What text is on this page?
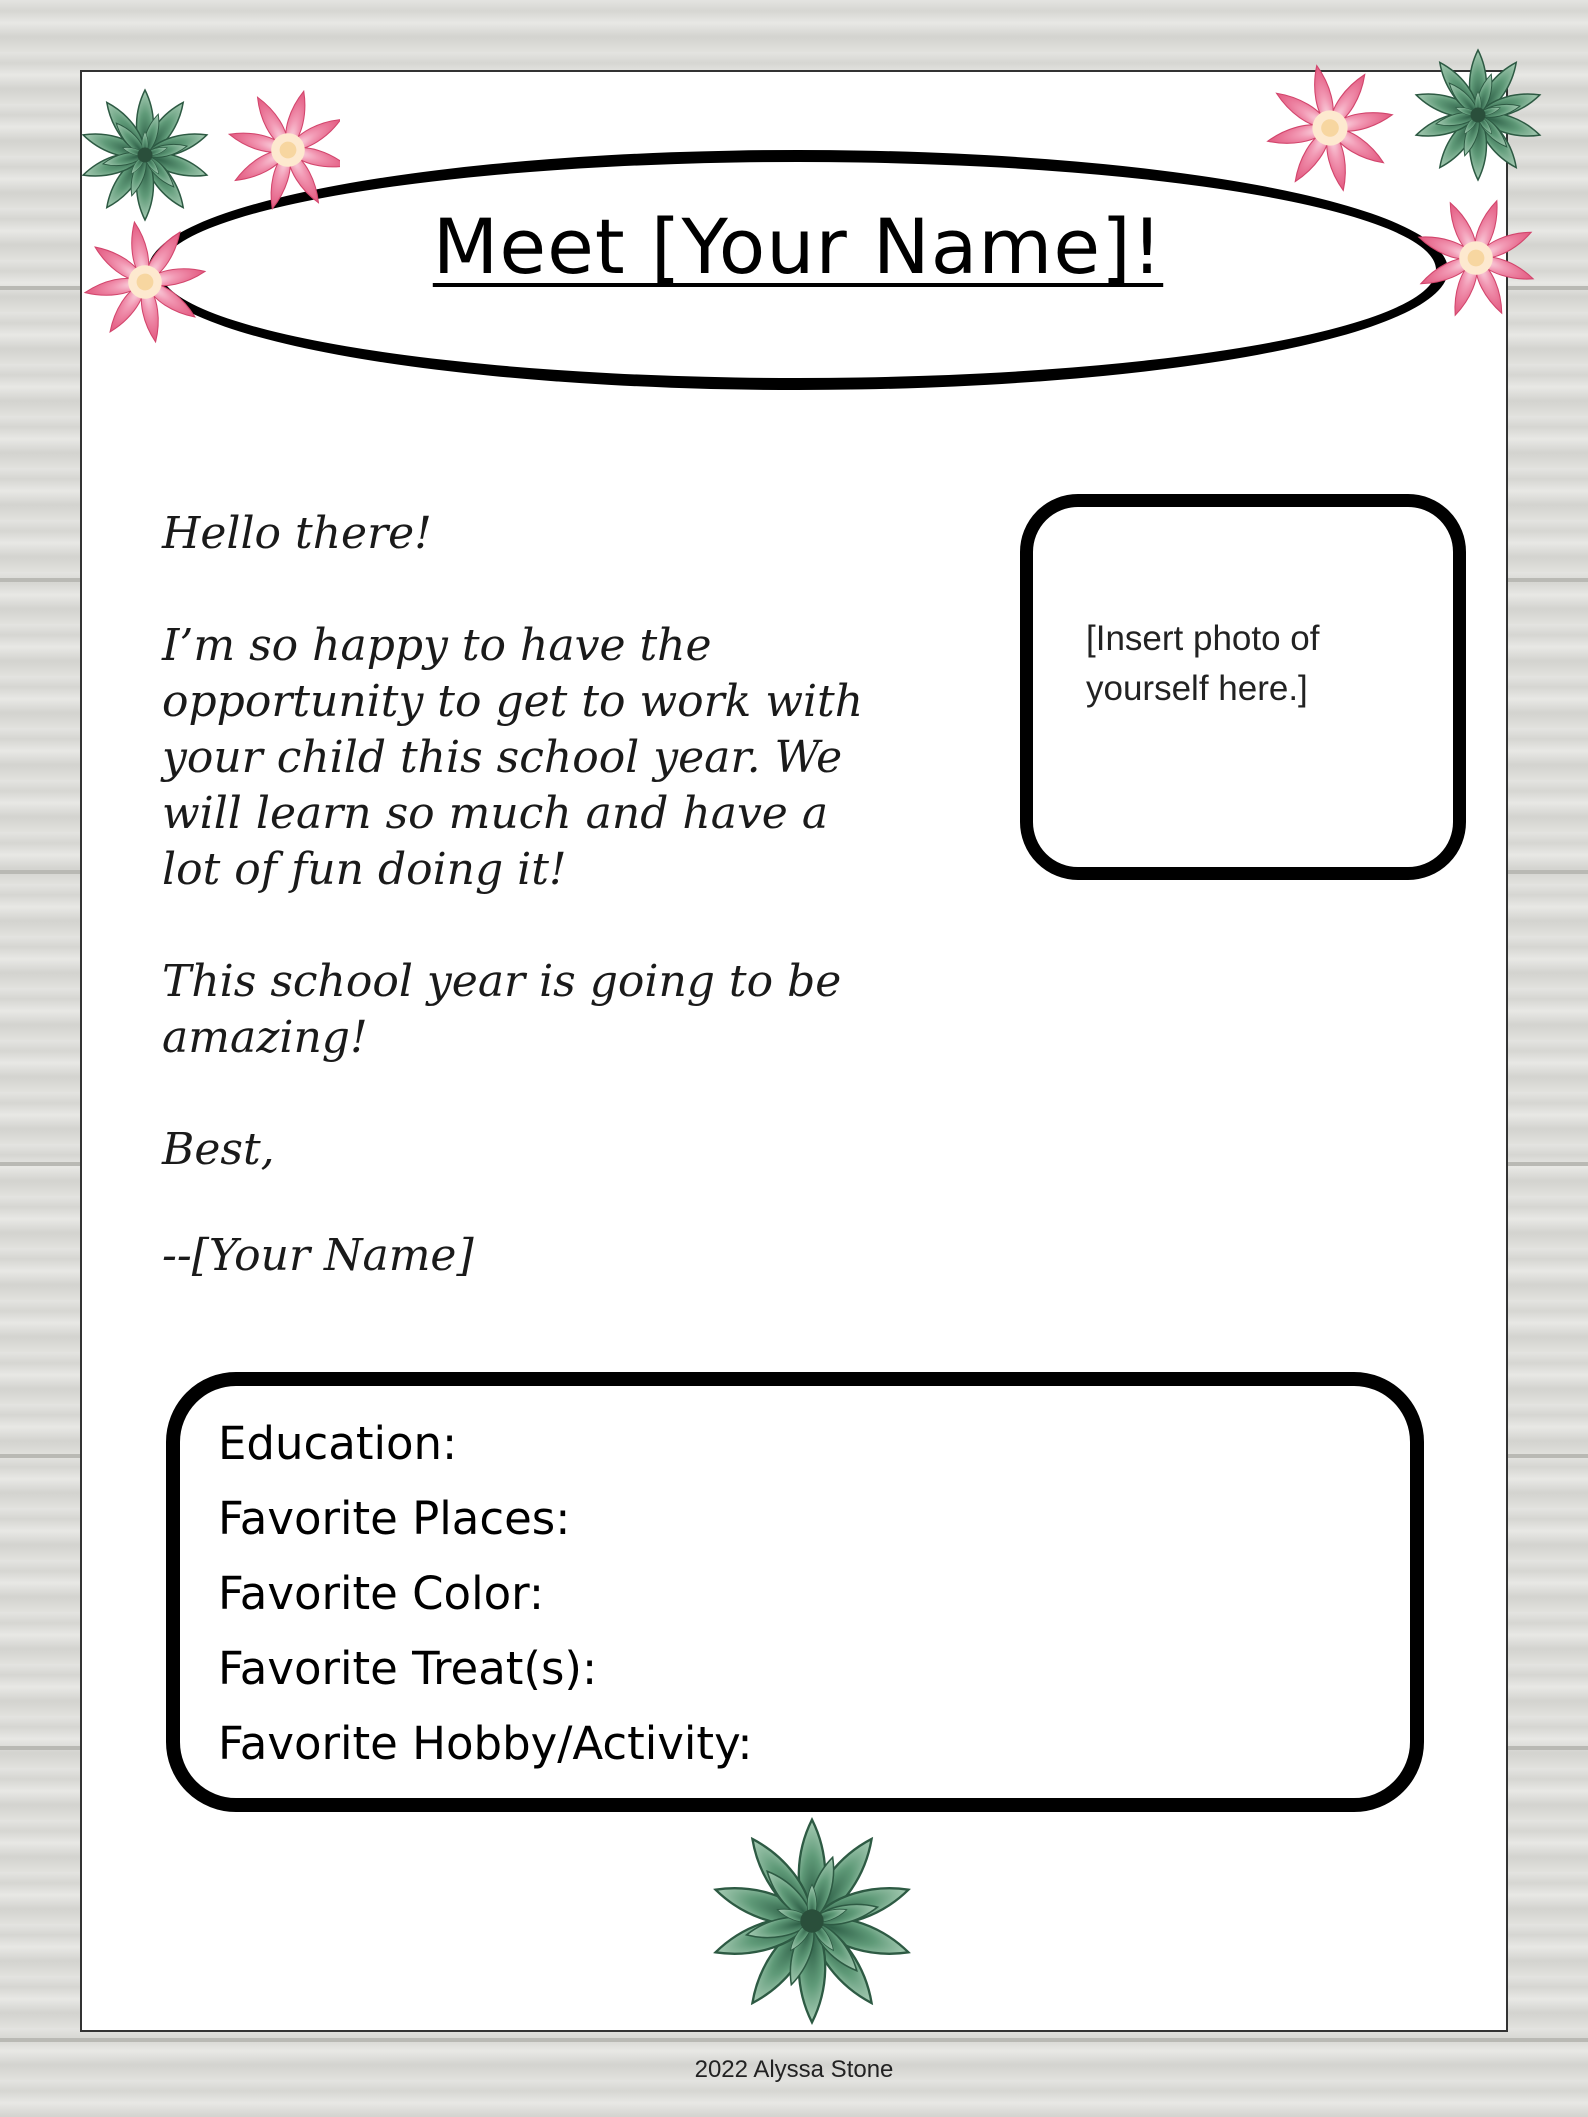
Meet [Your Name]!

Hello there!

I’m so happy to have the

opportunity to get to work with

your child this school year. We

will learn so much and have a

lot of fun doing it!

This school year is going to be

amazing!

Best,

--[Your Name]

[Insert photo of
yourself here.]
Education:
Favorite Places:
Favorite Color:
Favorite Treat(s):
Favorite Hobby/Activity:
2022 Alyssa Stone
